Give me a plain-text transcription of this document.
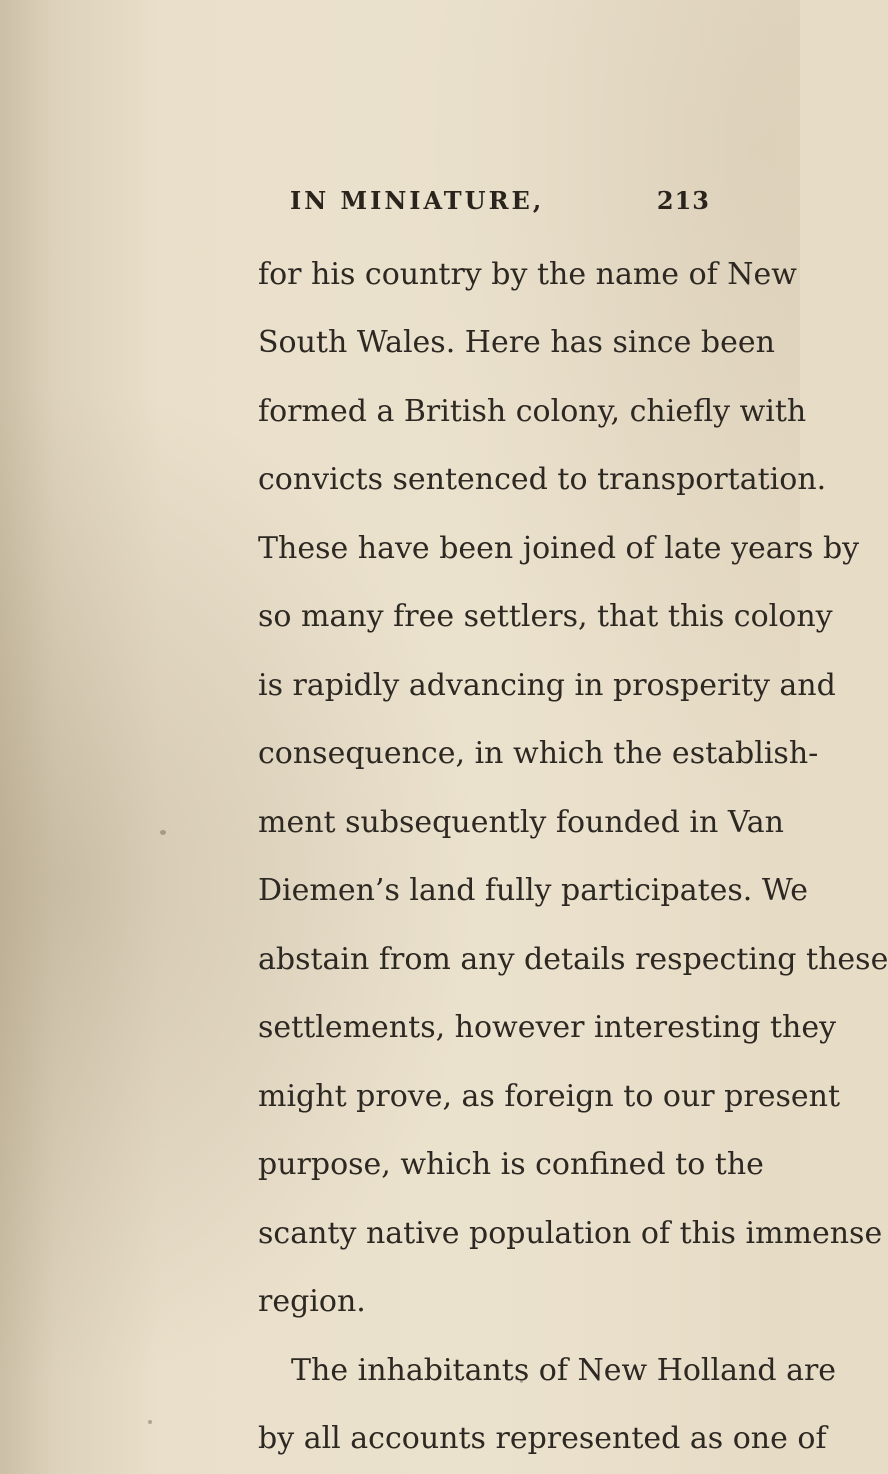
IN MINIATURE,	213
for his country by the name of New
South Wales. Here has since been
formed a British colony, chiefly with
convicts sentenced to transportation.
These have been joined of late years by
so many free settlers, that this colony
is rapidly advancing in prosperity and
consequence, in which the establish-
ment subsequently founded in Van
Diemen’s land fully participates. We
abstain from any details respecting these
settlements, however interesting they
might prove, as foreign to our present
purpose, which is confined to the
scanty native population of this immense
region.
The inhabitants of New Holland are
by all accounts represented as one of
